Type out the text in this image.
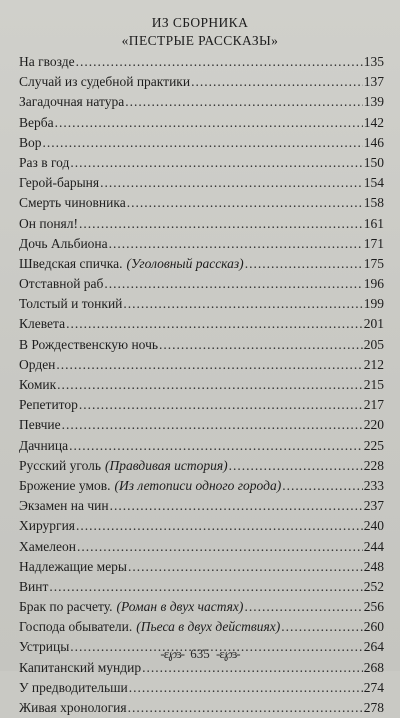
ИЗ СБОРНИКА
«ПЕСТРЫЕ РАССКАЗЫ»
На гвозде .....	135
Случай из судебной практики .....	137
Загадочная натура .....	139
Верба .....	142
Вор .....	146
Раз в год .....	150
Герой-барыня .....	154
Смерть чиновника .....	158
Он понял! .....	161
Дочь Альбиона .....	171
Шведская спичка. (Уголовный рассказ) .....	175
Отставной раб .....	196
Толстый и тонкий .....	199
Клевета .....	201
В Рождественскую ночь .....	205
Орден .....	212
Комик .....	215
Репетитор .....	217
Певчие .....	220
Дачница .....	225
Русский уголь (Правдивая история) .....	228
Брожение умов. (Из летописи одного города) .....	233
Экзамен на чин .....	237
Хирургия .....	240
Хамелеон .....	244
Надлежащие меры .....	248
Винт .....	252
Брак по расчету. (Роман в двух частях) .....	256
Господа обыватели. (Пьеса в двух действиях) .....	260
Устрицы .....	264
Капитанский мундир .....	268
У предводительши .....	274
Живая хронология .....	278
-ɛ℘ɜ- 635 -ɛ℘ɜ-
